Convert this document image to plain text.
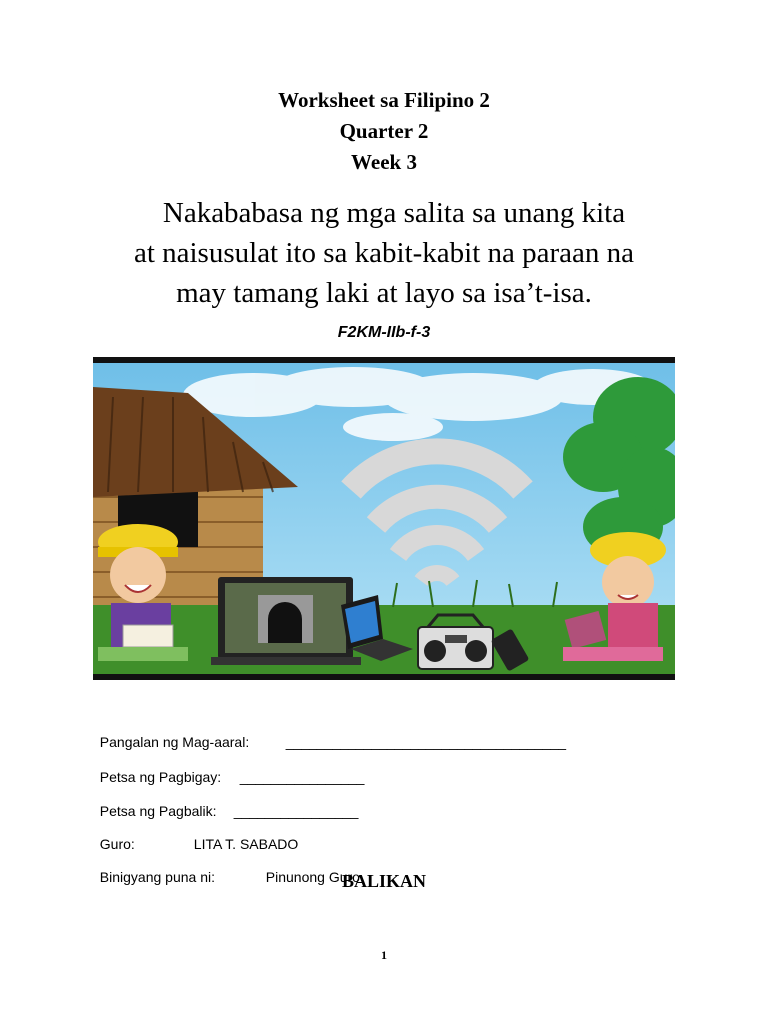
Worksheet sa Filipino 2
Quarter 2
Week 3
Nakababasa ng mga salita sa unang kita
at naisusulat ito sa kabit-kabit na paraan na
may tamang laki at layo sa isa’t-isa.
F2KM-IIb-f-3

Pangalan ng Mag-aaral:	____________________________________

Petsa ng Pagbigay: ________________

Petsa ng Pagbalik: ________________

Guro:	LITA T. SABADO

Binigyang puna ni:	Pinunong Guro

BALIKAN
1
